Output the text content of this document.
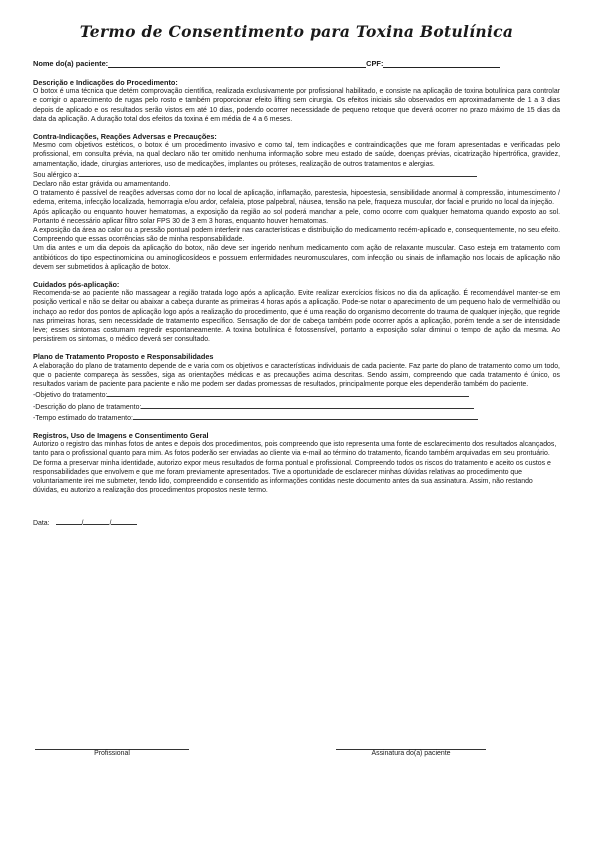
Termo de Consentimento para Toxina Botulínica
Nome do(a) paciente:	CPF:

Descrição e Indicações do Procedimento:

O botox é uma técnica que detém comprovação científica, realizada exclusivamente por profissional habilitado, e consiste na aplicação de toxina botulínica para controlar e corrigir o aparecimento de rugas pelo rosto e também proporcionar efeito lifting sem cirurgia. Os efeitos iniciais são observados em aproximadamente de 1 a 3 dias depois de aplicado e os resultados serão vistos em até 10 dias, podendo ocorrer necessidade de pequeno retoque que deverá ocorrer no prazo máximo de 15 dias da data da aplicação. A duração total dos efeitos da toxina é em média de 4 a 6 meses.

Contra-Indicações, Reações Adversas e Precauções:

Mesmo com objetivos estéticos, o botox é um procedimento invasivo e como tal, tem indicações e contraindicações que me foram apresentadas e verificadas pelo profissional, em consulta prévia, na qual declaro não ter omitido nenhuma informação sobre meu estado de saúde, doenças prévias, cicatrização hipertrófica, gravidez, amamentação, idade, cirurgias anteriores, uso de medicações, implantes ou próteses, realização de outros tratamentos e alergias.

Sou alérgico a:

Declaro não estar grávida ou amamentando.

O tratamento é passível de reações adversas como dor no local de aplicação, inflamação, parestesia, hipoestesia, sensibilidade anormal à compressão, intumescimento / edema, eritema, infecção localizada, hemorragia e/ou ardor, cefaleia, ptose palpebral, náusea, tensão na pele, fraqueza muscular, dor facial e prurido no local da injeção.

Após aplicação ou enquanto houver hematomas, a exposição da região ao sol poderá manchar a pele, como ocorre com qualquer hematoma quando exposto ao sol. Portanto é necessário aplicar filtro solar FPS 30 de 3 em 3 horas, enquanto houver hematomas.

A exposição da área ao calor ou a pressão pontual podem interferir nas características e distribuição do medicamento recém-aplicado e, consequentemente, no seu efeito. Compreendo que essas ocorrências são de minha responsabilidade.

Um dia antes e um dia depois da aplicação do botox, não deve ser ingerido nenhum medicamento com ação de relaxante muscular. Caso esteja em tratamento com antibióticos do tipo espectinomicina ou aminoglicosídeos e possuem enfermidades neuromusculares, com infecção ou sinais de inflamação nos locais de aplicação não devem ser submetidos à aplicação de botox.

Cuidados pós-aplicação:

Recomenda-se ao paciente não massagear a região tratada logo após a aplicação. Evite realizar exercícios físicos no dia da aplicação. É recomendável manter-se em posição vertical e não se deitar ou abaixar a cabeça durante as primeiras 4 horas após a aplicação. Pode-se notar o aparecimento de um pequeno halo de vermelhidão ou inchaço ao redor dos pontos de aplicação logo após a realização do procedimento, que é uma reação do organismo decorrente do trauma de qualquer injeção, que regride nas primeiras horas, sem necessidade de tratamento específico. Sensação de dor de cabeça também pode ocorrer após a aplicação, porém tende a ser de intensidade leve; esses sintomas costumam regredir espontaneamente. A toxina botulínica é fotossensível, portanto a exposição solar diminui o tempo de ação da mesma. Ao persistirem os sintomas, o médico deverá ser consultado.

Plano de Tratamento Proposto e Responsabilidades

A elaboração do plano de tratamento depende de e varia com os objetivos e características individuais de cada paciente. Faz parte do plano de tratamento como um todo, que o paciente compareça às sessões, siga as orientações médicas e as precauções acima descritas. Sendo assim, compreendo que cada tratamento é único, os resultados variam de paciente para paciente e não me podem ser dadas promessas de resultados, principalmente porque eles dependerão também do paciente.

-Objetivo do tratamento:

-Descrição do plano de tratamento:

-Tempo estimado do tratamento:

Registros, Uso de Imagens e Consentimento Geral

Autorizo o registro das minhas fotos de antes e depois dos procedimentos, pois compreendo que isto representa uma fonte de esclarecimento dos resultados alcançados, tanto para o profissional quanto para mim. As fotos poderão ser enviadas ao cliente via e-mail ao término do tratamento, ficando também arquivadas em seu prontuário. De forma a preservar minha identidade, autorizo expor meus resultados de forma pontual e profissional. Compreendo todos os riscos do tratamento e aceito os custos e responsabilidades que envolvem e que me foram previamente apresentados. Tive a oportunidade de esclarecer minhas dúvidas relativas ao procedimento que voluntariamente irei me submeter, tendo lido, compreendido e consentido as informações contidas neste documento antes da sua assinatura. Assim, não restando dúvidas, eu autorizo a realização dos procedimentos propostos neste termo.

Data:	/	/
Profissional	Assinatura do(a) paciente
